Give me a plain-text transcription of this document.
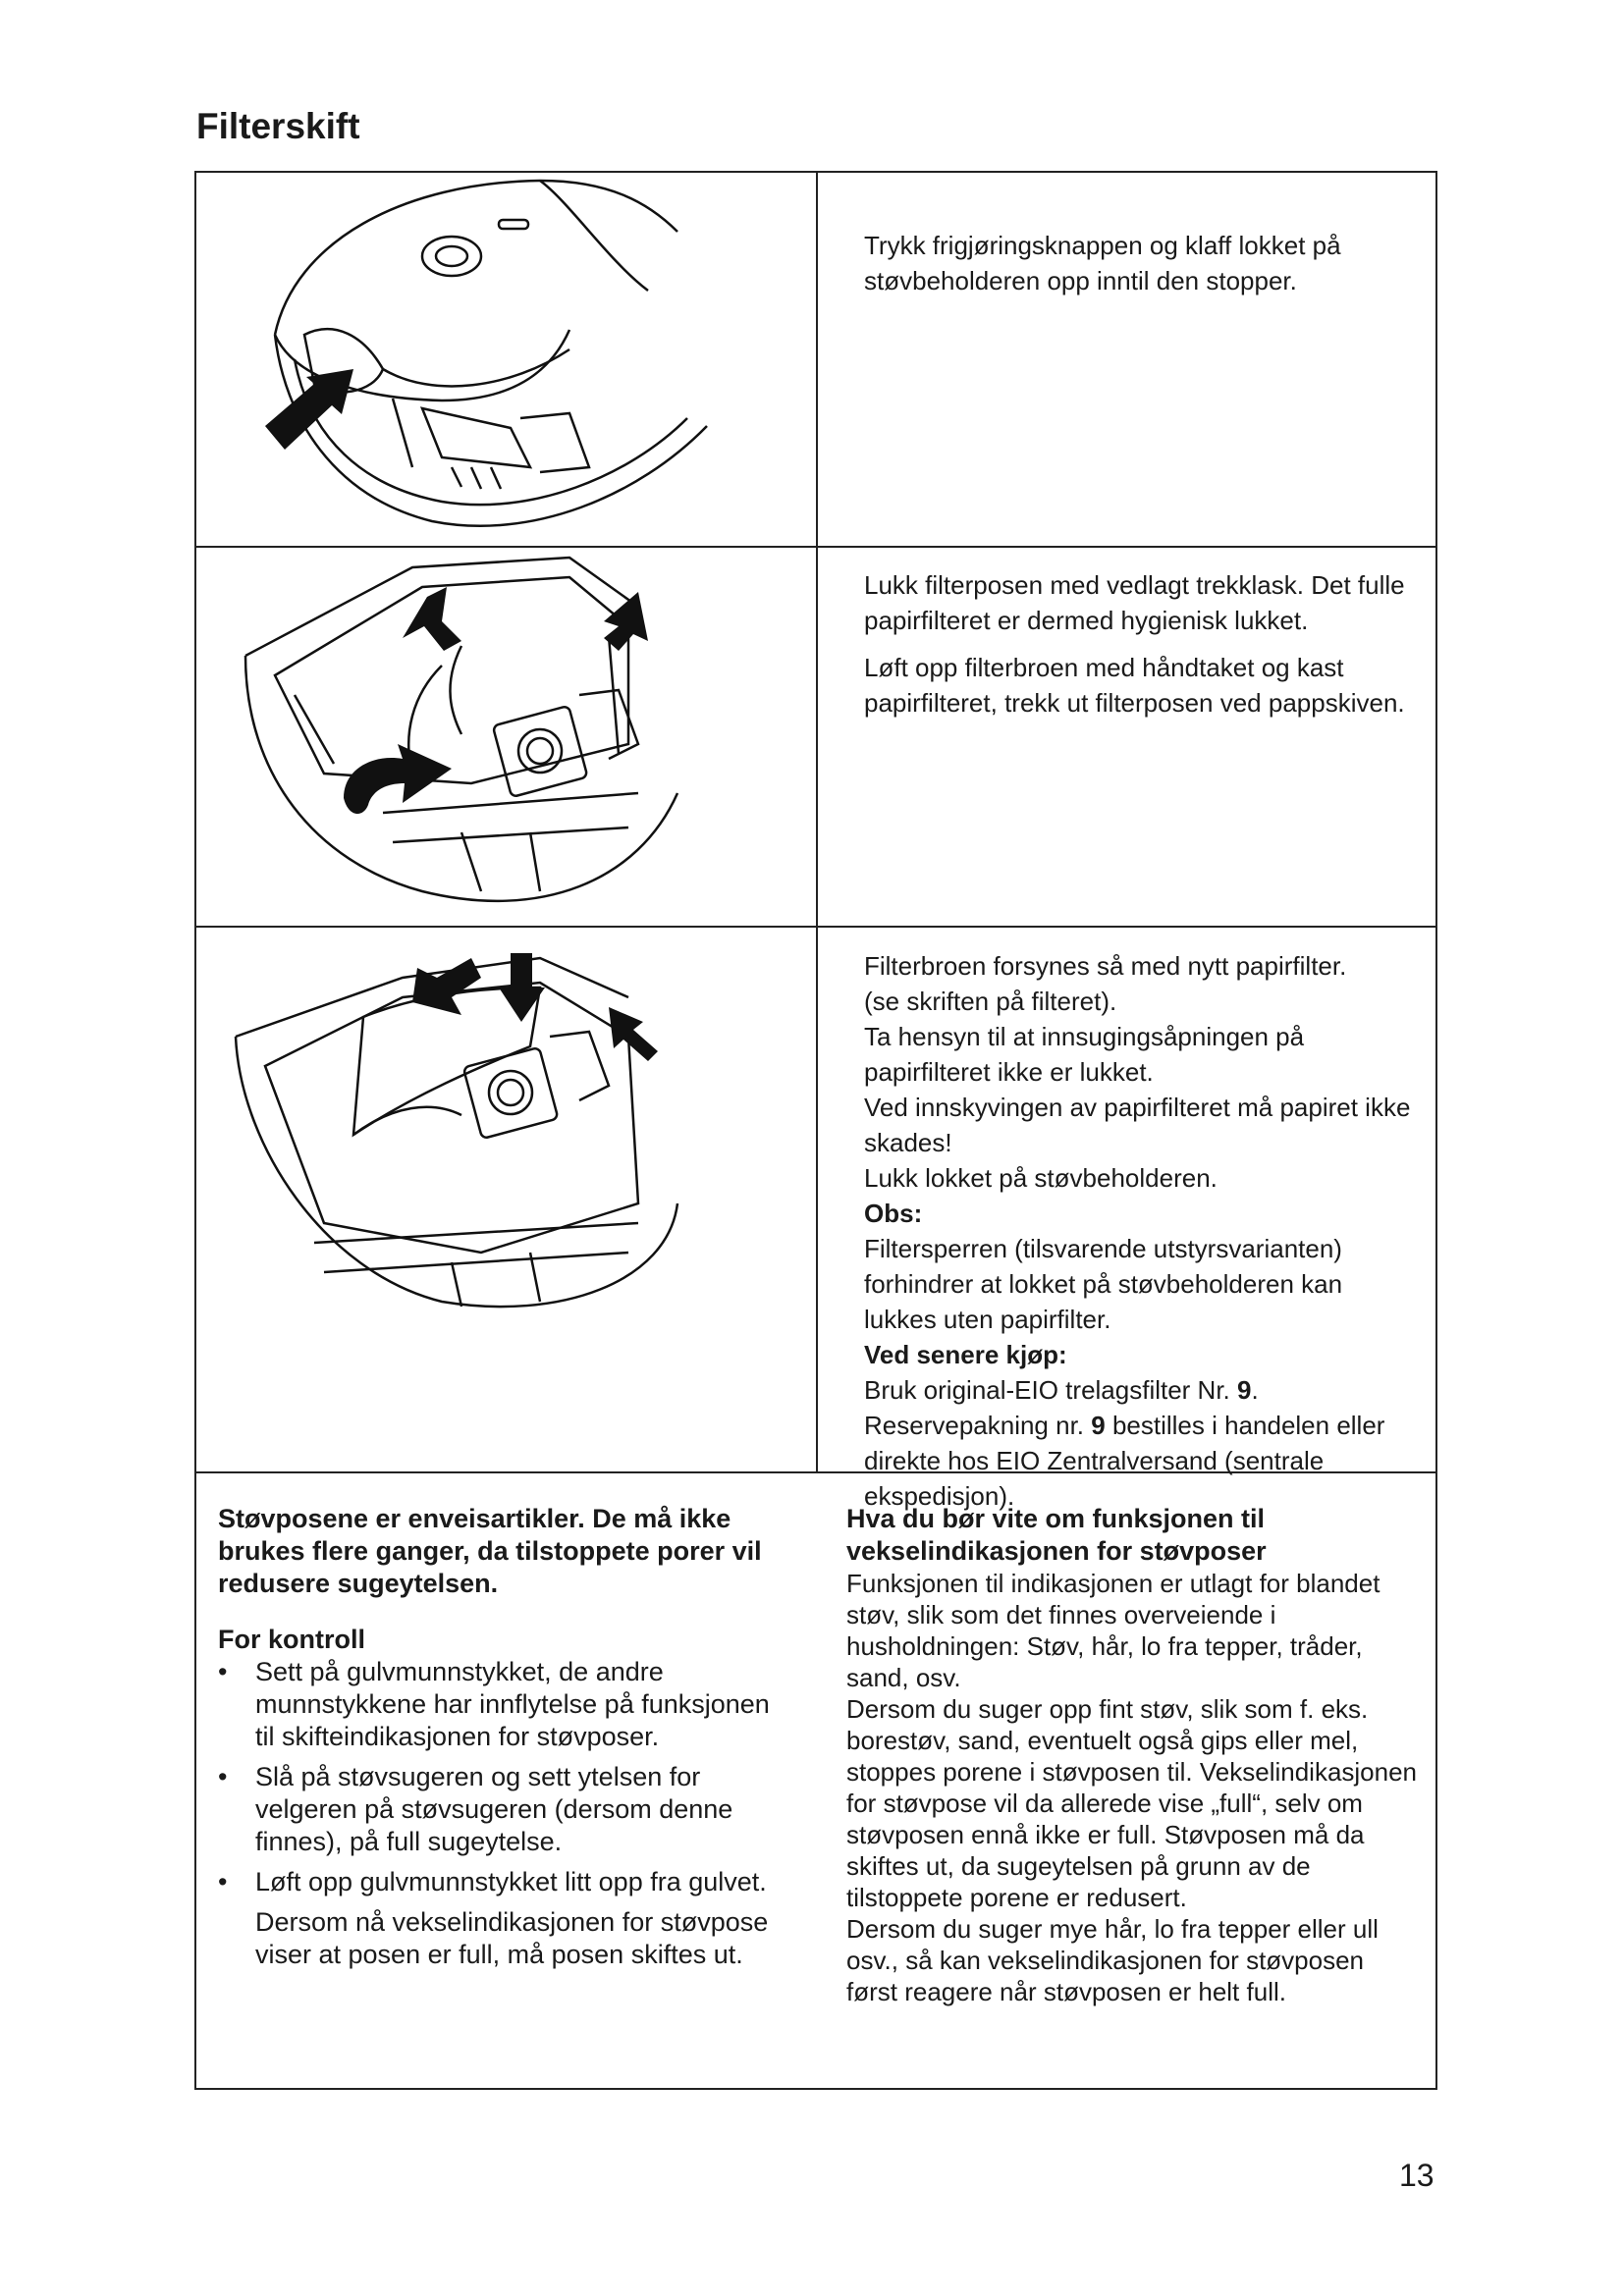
Filterskift

Trykk frigjøringsknappen og klaff lokket på støvbeholderen opp inntil den stopper.

Lukk filterposen med vedlagt trekklask. Det fulle papirfilteret er dermed hygienisk lukket.

Løft opp filterbroen med håndtaket og kast papirfilteret, trekk ut filterposen ved pappskiven.

Filterbroen forsynes så med nytt papirfilter.

(se skriften på filteret).

Ta hensyn til at innsugingsåpningen på papirfilteret ikke er lukket.

Ved innskyvingen av papirfilteret må papiret ikke skades!

Lukk lokket på støvbeholderen.

Obs:

Filtersperren (tilsvarende utstyrsvarianten) forhindrer at lokket på støvbeholderen kan lukkes uten papirfilter.

Ved senere kjøp:

Bruk original-EIO trelagsfilter Nr. 9.

Reservepakning nr. 9 bestilles i handelen eller direkte hos EIO Zentralversand (sentrale ekspedisjon).

Støvposene er enveisartikler. De må ikke brukes flere ganger, da tilstoppete porer vil redusere sugeytelsen.

For kontroll

•	Sett på gulvmunnstykket, de andre munnstykkene har innflytelse på funksjonen til skifteindikasjonen for støvposer.
•	Slå på støvsugeren og sett ytelsen for velgeren på støvsugeren (dersom denne finnes), på full sugeytelse.
•	Løft opp gulvmunnstykket litt opp fra gulvet.
Dersom nå vekselindikasjonen for støvpose viser at posen er full, må posen skiftes ut.

Hva du bør vite om funksjonen til vekselindikasjonen for støvposer

Funksjonen til indikasjonen er utlagt for blandet støv, slik som det finnes overveiende i husholdningen: Støv, hår, lo fra tepper, tråder, sand, osv.

Dersom du suger opp fint støv, slik som f. eks. borestøv, sand, eventuelt også gips eller mel, stoppes porene i støvposen til. Vekselindikasjonen for støvpose vil da allerede vise „full“, selv om støvposen ennå ikke er full. Støvposen må da skiftes ut, da sugeytelsen på grunn av de tilstoppete porene er redusert.

Dersom du suger mye hår, lo fra tepper eller ull osv., så kan vekselindikasjonen for støvposen først reagere når støvposen er helt full.

13
